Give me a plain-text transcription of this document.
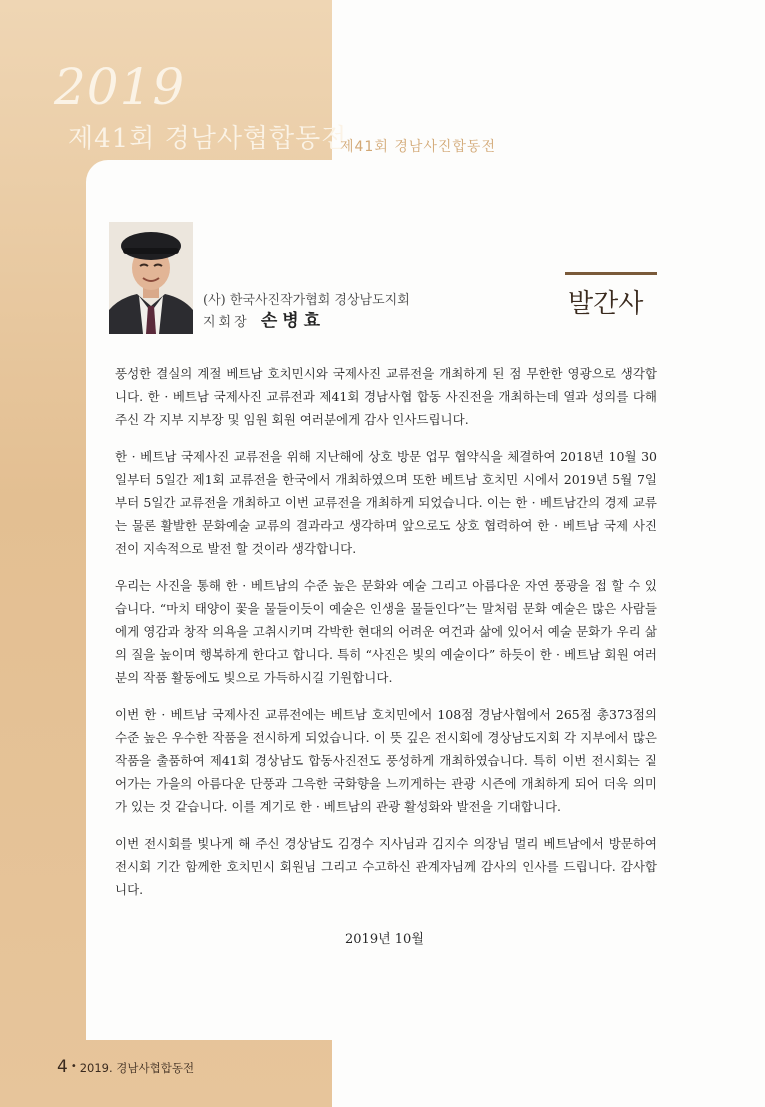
2019
제41회 경남사협합동전
제41회 경남사진합동전
(사) 한국사진작가협회 경상남도지회
지회장 손병효
발간사

풍성한 결실의 계절 베트남 호치민시와 국제사진 교류전을 개최하게 된 점 무한한 영광으로 생각합니다. 한 · 베트남 국제사진 교류전과 제41회 경남사협 합동 사진전을 개최하는데 열과 성의를 다해주신 각 지부 지부장 및 임원 회원 여러분에게 감사 인사드립니다.

한 · 베트남 국제사진 교류전을 위해 지난해에 상호 방문 업무 협약식을 체결하여 2018년 10월 30일부터 5일간 제1회 교류전을 한국에서 개최하였으며 또한 베트남 호치민 시에서 2019년 5월 7일부터 5일간 교류전을 개최하고 이번 교류전을 개최하게 되었습니다. 이는 한 · 베트남간의 경제 교류는 물론 활발한 문화예술 교류의 결과라고 생각하며 앞으로도 상호 협력하여 한 · 베트남 국제 사진전이 지속적으로 발전 할 것이라 생각합니다.

우리는 사진을 통해 한 · 베트남의 수준 높은 문화와 예술 그리고 아름다운 자연 풍광을 접 할 수 있습니다. “마치 태양이 꽃을 물들이듯이 예술은 인생을 물들인다”는 말처럼 문화 예술은 많은 사람들에게 영감과 창작 의욕을 고취시키며 각박한 현대의 어려운 여건과 삶에 있어서 예술 문화가 우리 삶의 질을 높이며 행복하게 한다고 합니다. 특히 “사진은 빛의 예술이다” 하듯이 한 · 베트남 회원 여러분의 작품 활동에도 빛으로 가득하시길 기원합니다.

이번 한 · 베트남 국제사진 교류전에는 베트남 호치민에서 108점 경남사협에서 265점 총373점의 수준 높은 우수한 작품을 전시하게 되었습니다. 이 뜻 깊은 전시회에 경상남도지회 각 지부에서 많은 작품을 출품하여 제41회 경상남도 합동사진전도 풍성하게 개최하였습니다. 특히 이번 전시회는 짙어가는 가을의 아름다운 단풍과 그윽한 국화향을 느끼게하는 관광 시즌에 개최하게 되어 더욱 의미가 있는 것 같습니다. 이를 계기로 한 · 베트남의 관광 활성화와 발전을 기대합니다.

이번 전시회를 빛나게 해 주신 경상남도 김경수 지사님과 김지수 의장님 멀리 베트남에서 방문하여 전시회 기간 함께한 호치민시 회원님 그리고 수고하신 관계자님께 감사의 인사를 드립니다. 감사합니다.

2019년 10월
4 • 2019. 경남사협합동전
